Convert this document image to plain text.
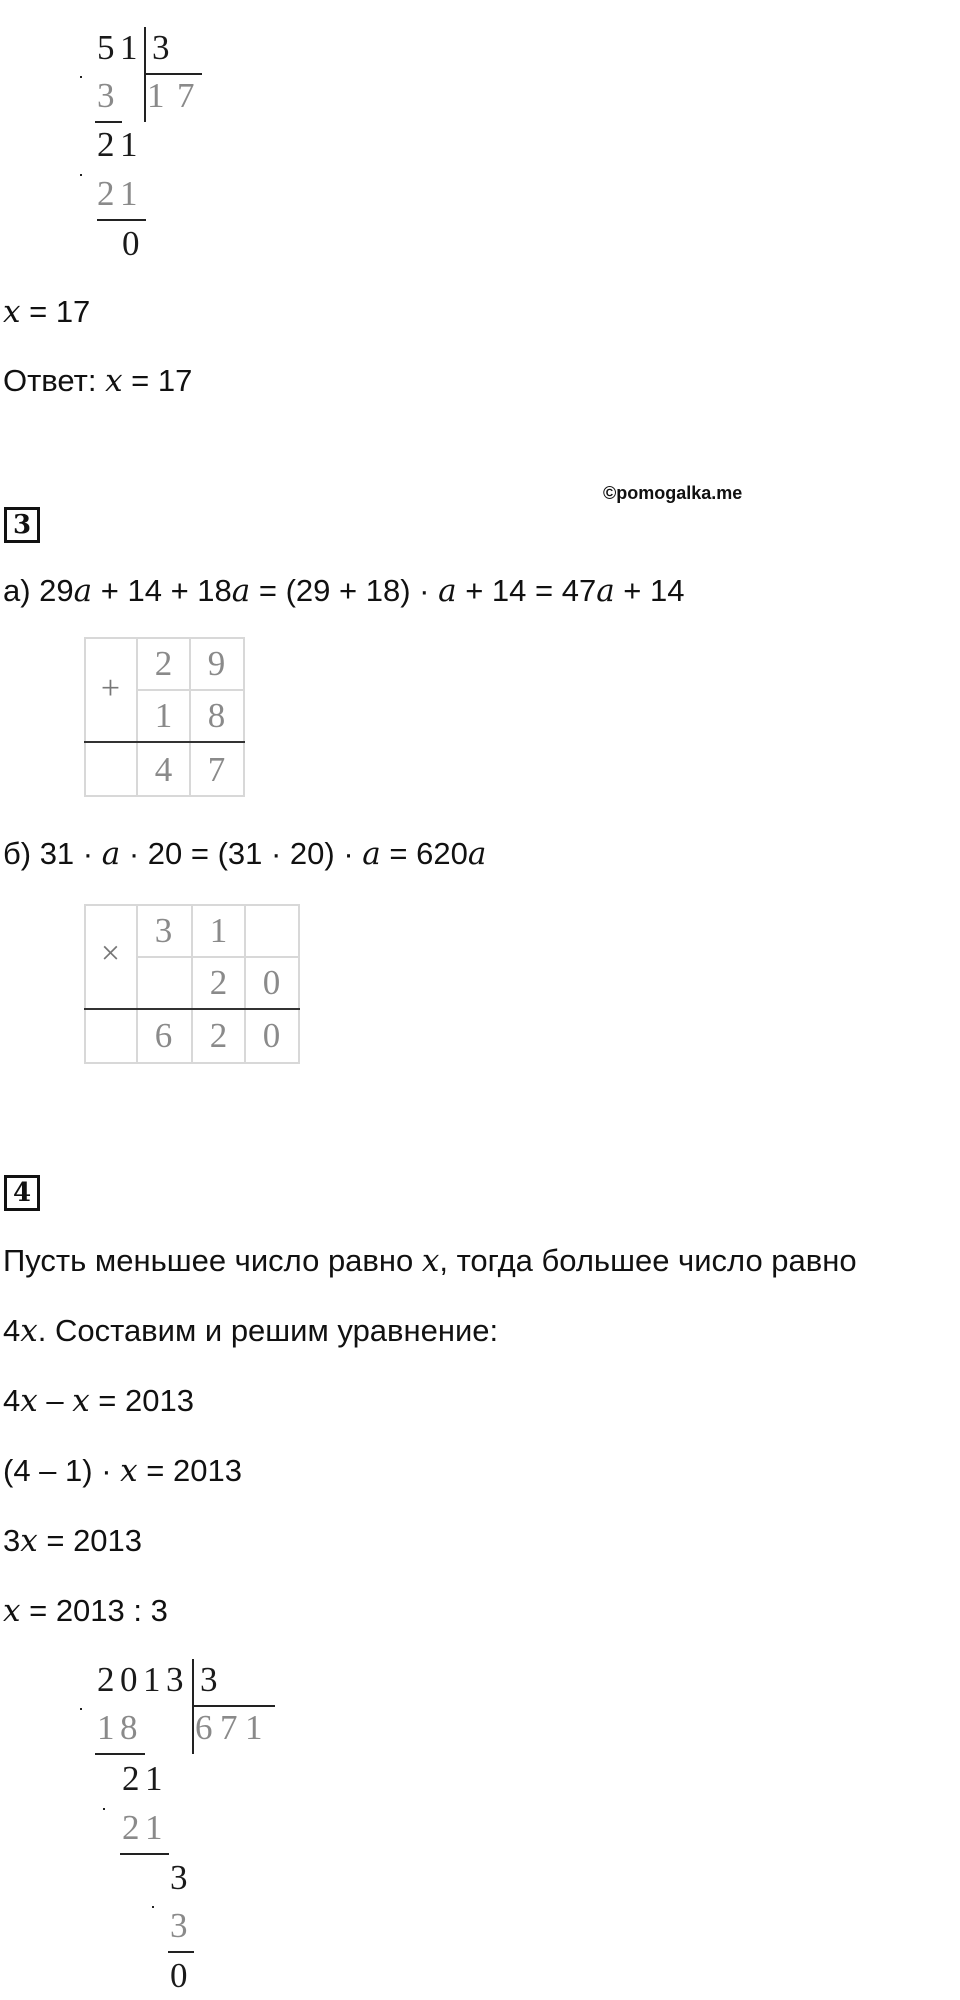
5 1 3
1 7
3
2 1
2 1
0
x = 17
Ответ: x = 17
©pomogalka.me
3
а) 29a + 14 + 18a = (29 + 18) · a + 14 = 47a + 14
+
2	9
1	8
4	7
б) 31 · a · 20 = (31 · 20) · a = 620a
×
3	1
2	0
6	2	0
4
Пусть меньшее число равно x, тогда большее число равно
4x. Составим и решим уравнение:
4x – x = 2013
(4 – 1) · x = 2013
3x = 2013
x = 2013 : 3
2 0 1 3 3
6 7 1
1 8
2 1
2 1
3
3
0
